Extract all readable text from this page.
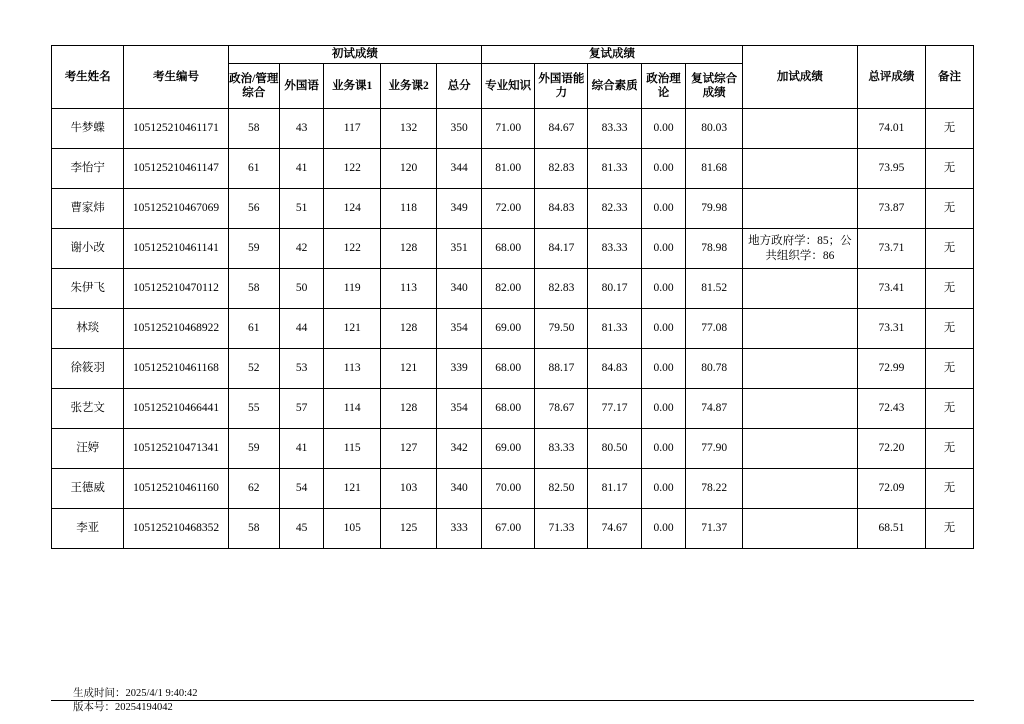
考生姓名	考生编号	初试成绩					复试成绩					加试成绩	总评成绩	备注
		政治/管理综合	外国语	业务课1	业务课2	总分	专业知识	外国语能力	综合素质	政治理论	复试综合成绩			
牛梦蝶	105125210461171	58	43	117	132	350	71.00	84.67	83.33	0.00	80.03		74.01	无
李怡宁	105125210461147	61	41	122	120	344	81.00	82.83	81.33	0.00	81.68		73.95	无
曹家炜	105125210467069	56	51	124	118	349	72.00	84.83	82.33	0.00	79.98		73.87	无
谢小改	105125210461141	59	42	122	128	351	68.00	84.17	83.33	0.00	78.98	地方政府学：85；公共组织学：86	73.71	无
朱伊飞	105125210470112	58	50	119	113	340	82.00	82.83	80.17	0.00	81.52		73.41	无
林琰	105125210468922	61	44	121	128	354	69.00	79.50	81.33	0.00	77.08		73.31	无
徐筱羽	105125210461168	52	53	113	121	339	68.00	88.17	84.83	0.00	80.78		72.99	无
张艺文	105125210466441	55	57	114	128	354	68.00	78.67	77.17	0.00	74.87		72.43	无
汪婷	105125210471341	59	41	115	127	342	69.00	83.33	80.50	0.00	77.90		72.20	无
王德威	105125210461160	62	54	121	103	340	70.00	82.50	81.17	0.00	78.22		72.09	无
李亚	105125210468352	58	45	105	125	333	67.00	71.33	74.67	0.00	71.37		68.51	无
生成时间：2025/4/1 9:40:42
版本号：20254194042
